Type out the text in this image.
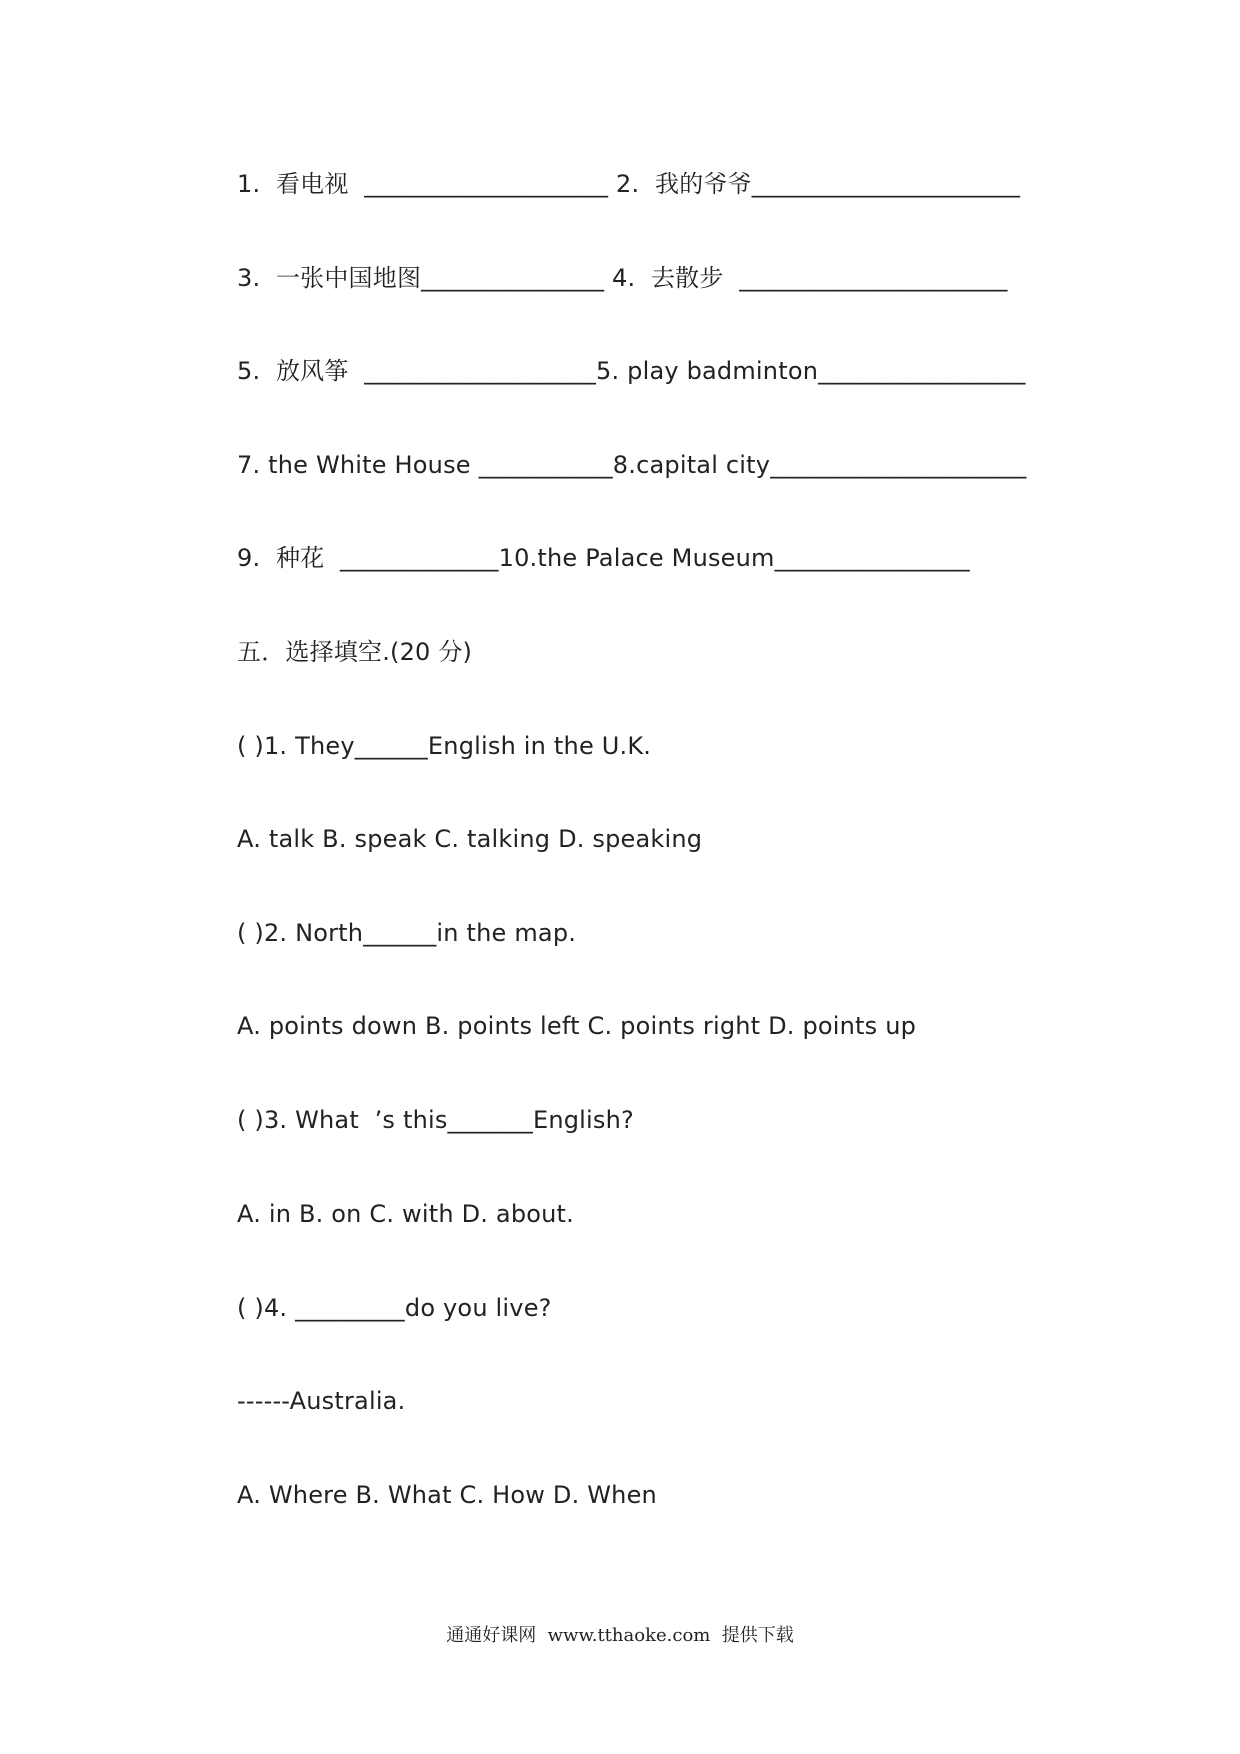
1.  看电视  ____________________ 2.  我的爷爷______________________
3.  一张中国地图_______________ 4.  去散步  ______________________
5.  放风筝  ___________________5. play badminton_________________
7. the White House ___________8.capital city_____________________
9.  种花  _____________10.the Palace Museum________________
五．选择填空.(20 分)
( )1. They______English in the U.K.
A. talk B. speak C. talking D. speaking
( )2. North______in the map.
A. points down B. points left C. points right D. points up
( )3. What  ’s this_______English?
A. in B. on C. with D. about.
( )4. _________do you live?
------Australia.
A. Where B. What C. How D. When
通通好课网  www.tthaoke.com  提供下载
